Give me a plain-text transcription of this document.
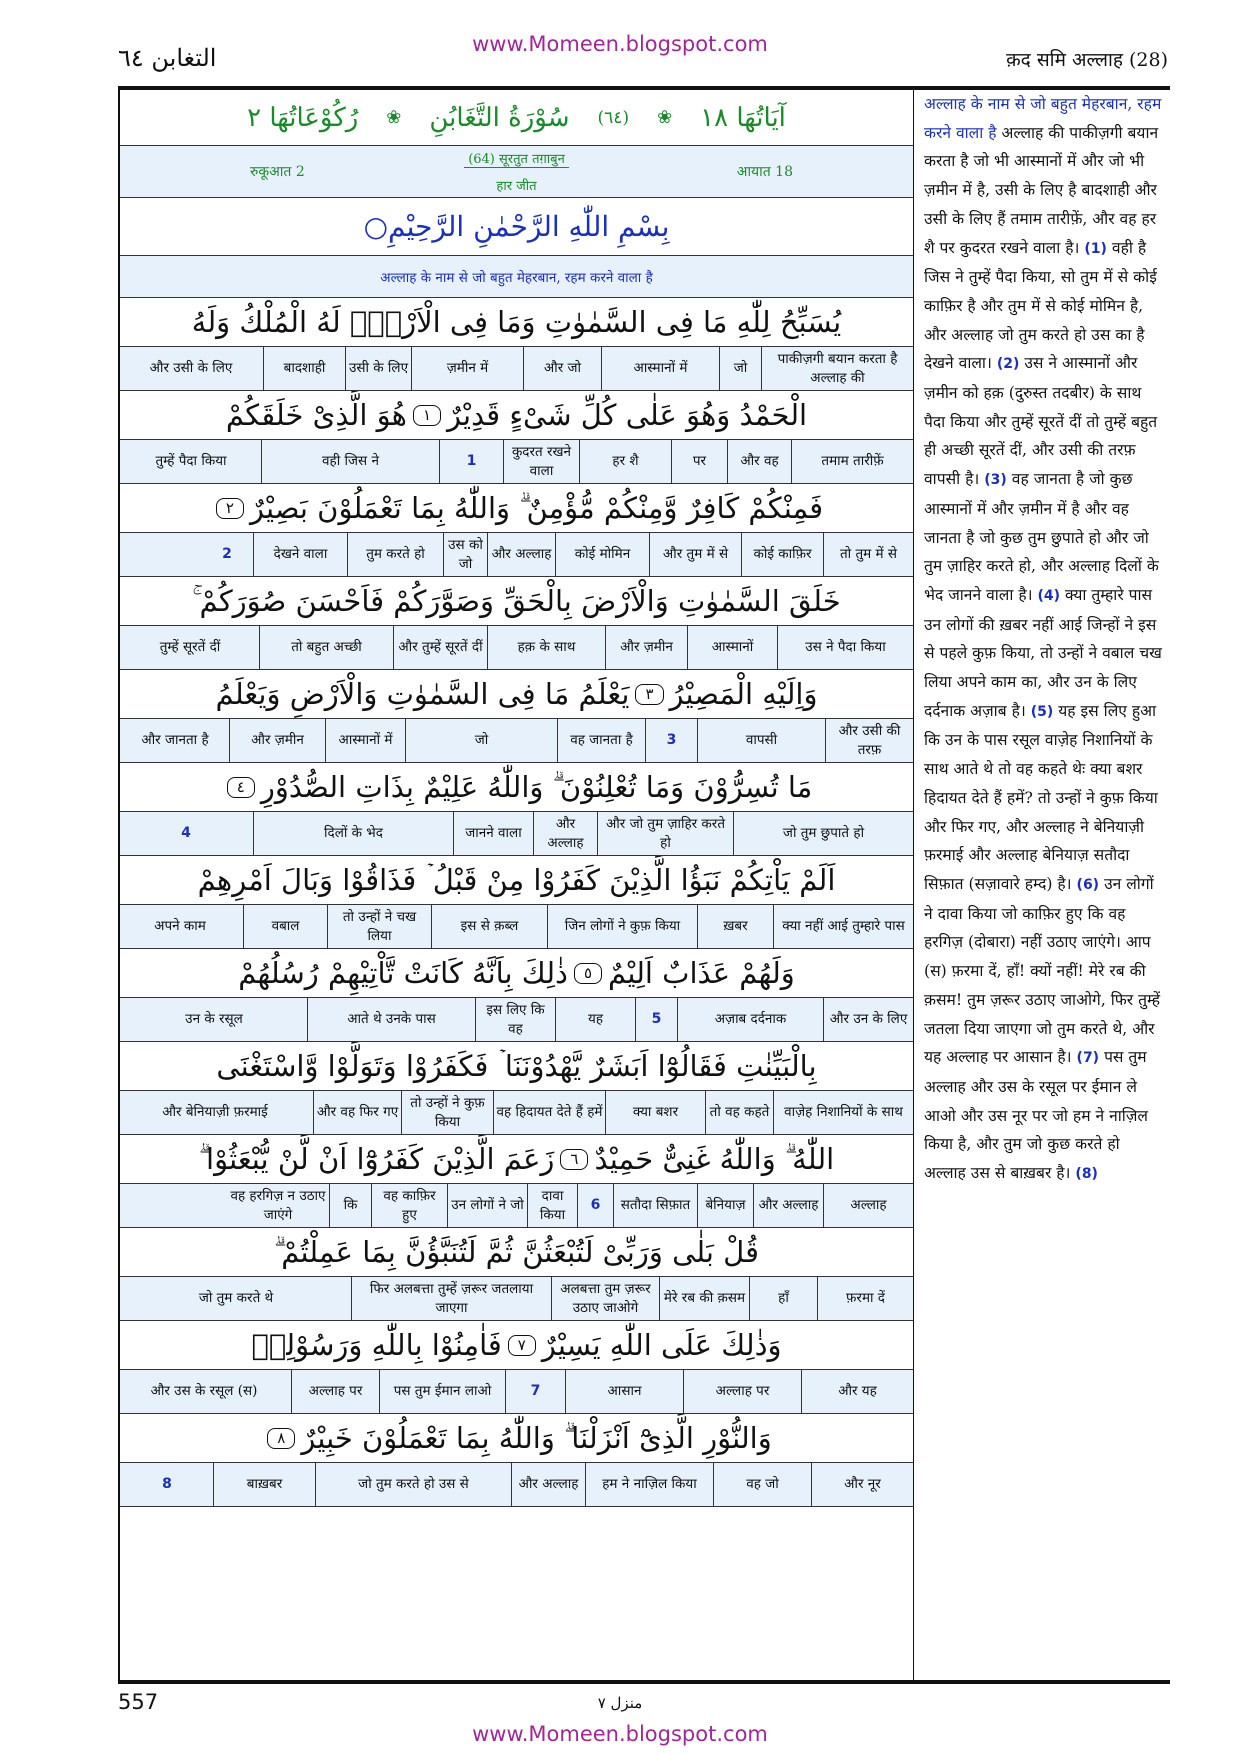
www.Momeen.blogspot.com
التغابن ٦٤	क़द समि अल्लाह (28)
آيَاتُهَا ١٨
❀
(٦٤)
سُوْرَةُ التَّغَابُنِ
❀
رُكُوْعَاتُهَا ٢
रुकूआत 2
(64) सूरतुत तग़ाबुन
हार जीत
आयात 18
بِسْمِ اللّٰهِ الرَّحْمٰنِ الرَّحِيْمِ○
अल्लाह के नाम से जो बहुत मेहरबान, रहम करने वाला है
يُسَبِّحُ لِلّٰهِ مَا فِى السَّمٰوٰتِ وَمَا فِى الْاَرْضِۚ لَهُ الْمُلْكُ وَلَهُ
पाकीज़गी बयान करता है अल्लाह की
जो
आस्मानों में
और जो
ज़मीन में
उसी के लिए
बादशाही
और उसी के लिए
الْحَمْدُ وَهُوَ عَلٰى كُلِّ شَىْءٍ قَدِيْرٌ
١
هُوَ الَّذِىْ خَلَقَكُمْ
तमाम तारीफ़ें
और वह
पर
हर शै
कुदरत रखने वाला
1
वही जिस ने
तुम्हें पैदा किया
فَمِنْكُمْ كَافِرٌ وَّمِنْكُمْ مُّؤْمِنٌ ۗ وَاللّٰهُ بِمَا تَعْمَلُوْنَ بَصِيْرٌ
٢
तो तुम में से
कोई काफ़िर
और तुम में से
कोई मोमिन
और अल्लाह
उस को जो
तुम करते हो
देखने वाला
2
خَلَقَ السَّمٰوٰتِ وَالْاَرْضَ بِالْحَقِّ وَصَوَّرَكُمْ فَاَحْسَنَ صُوَرَكُمْ ۚ
उस ने पैदा किया
आस्मानों
और ज़मीन
हक़ के साथ
और तुम्हें सूरतें दीं
तो बहुत अच्छी
तुम्हें सूरतें दीं
وَاِلَيْهِ الْمَصِيْرُ
٣
يَعْلَمُ مَا فِى السَّمٰوٰتِ وَالْاَرْضِ وَيَعْلَمُ
और उसी की तरफ़
वापसी
3
वह जानता है
जो
आस्मानों में
और ज़मीन
और जानता है
مَا تُسِرُّوْنَ وَمَا تُعْلِنُوْنَ ۗ وَاللّٰهُ عَلِيْمٌ بِذَاتِ الصُّدُوْرِ
٤
जो तुम छुपाते हो
और जो तुम ज़ाहिर करते हो
और अल्लाह
जानने वाला
दिलों के भेद
4
اَلَمْ يَاْتِكُمْ نَبَؤُا الَّذِيْنَ كَفَرُوْا مِنْ قَبْلُ ۡ فَذَاقُوْا وَبَالَ اَمْرِهِمْ
क्या नहीं आई तुम्हारे पास
ख़बर
जिन लोगों ने कुफ़ किया
इस से क़ब्ल
तो उन्हों ने चख लिया
वबाल
अपने काम
وَلَهُمْ عَذَابٌ اَلِيْمٌ
٥
ذٰلِكَ بِاَنَّهُ كَانَتْ تَّاْتِيْهِمْ رُسُلُهُمْ
और उन के लिए
अज़ाब दर्दनाक
5
यह
इस लिए कि वह
आते थे उनके पास
उन के रसूल
بِالْبَيِّنٰتِ فَقَالُوْٓا اَبَشَرٌ يَّهْدُوْنَنَا ۡ فَكَفَرُوْا وَتَوَلَّوْا وَّاسْتَغْنَى
वाज़ेह निशानियों के साथ
तो वह कहते
क्या बशर
वह हिदायत देते हैं हमें
तो उन्हों ने कुफ़ किया
और वह फिर गए
और बेनियाज़ी फ़रमाई
اللّٰهُ ۗ وَاللّٰهُ غَنِىٌّ حَمِيْدٌ
٦
زَعَمَ الَّذِيْنَ كَفَرُوْٓا اَنْ لَّنْ يُّبْعَثُوْا ۗ
अल्लाह
और अल्लाह
बेनियाज़
सतौदा सिफ़ात
6
दावा किया
उन लोगों ने जो
वह काफ़िर हुए
कि
वह हरगिज़ न उठाए जाएंगे
قُلْ بَلٰى وَرَبِّىْ لَتُبْعَثُنَّ ثُمَّ لَتُنَبَّؤُنَّ بِمَا عَمِلْتُمْ ۗ
फ़रमा दें
हाँ
मेरे रब की क़सम
अलबत्ता तुम ज़रूर उठाए जाओगे
फिर अलबत्ता तुम्हें ज़रूर जतलाया जाएगा
जो तुम करते थे
وَذٰلِكَ عَلَى اللّٰهِ يَسِيْرٌ
٧
فَاٰمِنُوْا بِاللّٰهِ وَرَسُوْلِهٖ
और यह
अल्लाह पर
आसान
7
पस तुम ईमान लाओ
अल्लाह पर
और उस के रसूल (स)
وَالنُّوْرِ الَّذِىْٓ اَنْزَلْنَا ۗ وَاللّٰهُ بِمَا تَعْمَلُوْنَ خَبِيْرٌ
٨
और नूर
वह जो
हम ने नाज़िल किया
और अल्लाह
जो तुम करते हो उस से
बाख़बर
8
अल्लाह के नाम से जो बहुत मेहरबान, रहम करने वाला है अल्लाह की पाकीज़गी बयान करता है जो भी आस्मानों में और जो भी ज़मीन में है, उसी के लिए है बादशाही और उसी के लिए हैं तमाम तारीफ़ें, और वह हर शै पर कुदरत रखने वाला है। (1) वही है जिस ने तुम्हें पैदा किया, सो तुम में से कोई काफ़िर है और तुम में से कोई मोमिन है, और अल्लाह जो तुम करते हो उस का है देखने वाला। (2) उस ने आस्मानों और ज़मीन को हक़ (दुरुस्त तदबीर) के साथ पैदा किया और तुम्हें सूरतें दीं तो तुम्हें बहुत ही अच्छी सूरतें दीं, और उसी की तरफ़ वापसी है। (3) वह जानता है जो कुछ आस्मानों में और ज़मीन में है और वह जानता है जो कुछ तुम छुपाते हो और जो तुम ज़ाहिर करते हो, और अल्लाह दिलों के भेद जानने वाला है। (4) क्या तुम्हारे पास उन लोगों की ख़बर नहीं आई जिन्हों ने इस से पहले कुफ़ किया, तो उन्हों ने वबाल चख लिया अपने काम का, और उन के लिए दर्दनाक अज़ाब है। (5) यह इस लिए हुआ कि उन के पास रसूल वाज़ेह निशानियों के साथ आते थे तो वह कहते थेः क्या बशर हिदायत देते हैं हमें? तो उन्हों ने कुफ़ किया और फिर गए, और अल्लाह ने बेनियाज़ी फ़रमाई और अल्लाह बेनियाज़ सतौदा सिफ़ात (सज़ावारे हम्द) है। (6) उन लोगों ने दावा किया जो काफ़िर हुए कि वह हरगिज़ (दोबारा) नहीं उठाए जाएंगे। आप (स) फ़रमा दें, हाँ! क्यों नहीं! मेरे रब की क़सम! तुम ज़रूर उठाए जाओगे, फिर तुम्हें जतला दिया जाएगा जो तुम करते थे, और यह अल्लाह पर आसान है। (7) पस तुम अल्लाह और उस के रसूल पर ईमान ले आओ और उस नूर पर जो हम ने नाज़िल किया है, और तुम जो कुछ करते हो अल्लाह उस से बाख़बर है। (8)
557	منزل ٧
www.Momeen.blogspot.com
